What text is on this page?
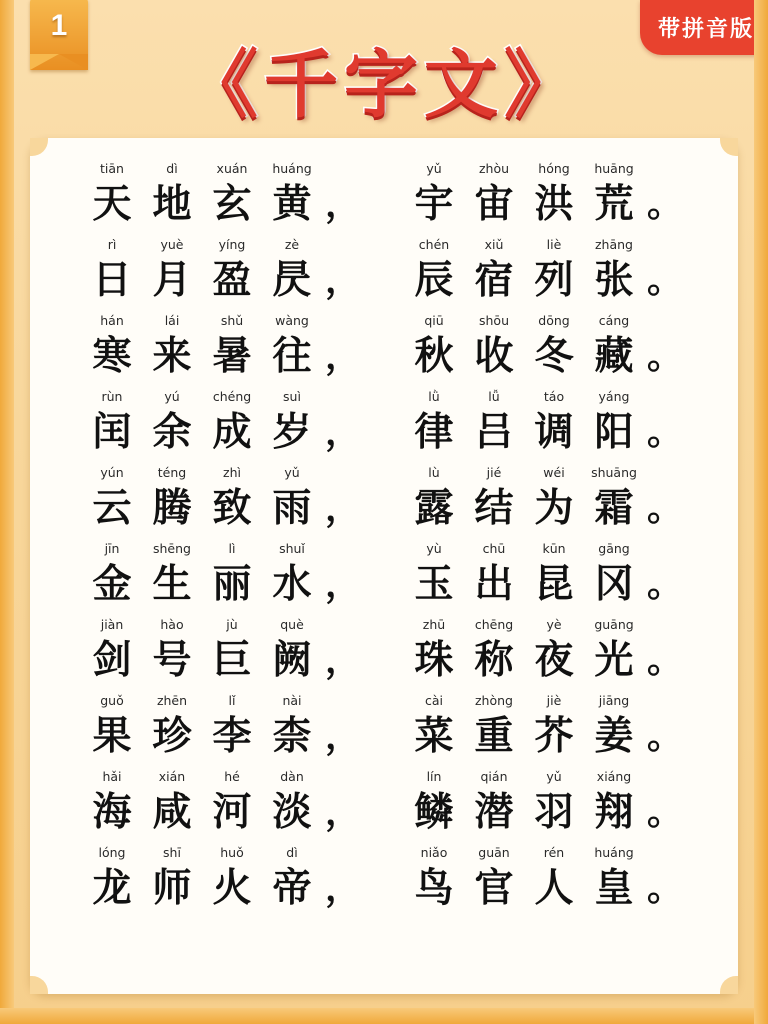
1
《千字文》
带拼音版
tiān
天
dì
地
xuán
玄
huáng
黄 ，
yǔ
宇
zhòu
宙
hóng
洪
huāng
荒 。
rì
日
yuè
月
yíng
盈
zè
昃 ，
chén
辰
xiǔ
宿
liè
列
zhāng
张 。
hán
寒
lái
来
shǔ
暑
wàng
往 ，
qiū
秋
shōu
收
dōng
冬
cáng
藏 。
rùn
闰
yú
余
chéng
成
suì
岁 ，
lǜ
律
lǚ
吕
táo
调
yáng
阳 。
yún
云
téng
腾
zhì
致
yǔ
雨 ，
lù
露
jié
结
wéi
为
shuāng
霜 。
jīn
金
shēng
生
lì
丽
shuǐ
水 ，
yù
玉
chū
出
kūn
昆
gāng
冈 。
jiàn
剑
hào
号
jù
巨
què
阙 ，
zhū
珠
chēng
称
yè
夜
guāng
光 。
guǒ
果
zhēn
珍
lǐ
李
nài
柰 ，
cài
菜
zhòng
重
jiè
芥
jiāng
姜 。
hǎi
海
xián
咸
hé
河
dàn
淡 ，
lín
鳞
qián
潜
yǔ
羽
xiáng
翔 。
lóng
龙
shī
师
huǒ
火
dì
帝 ，
niǎo
鸟
guān
官
rén
人
huáng
皇 。
